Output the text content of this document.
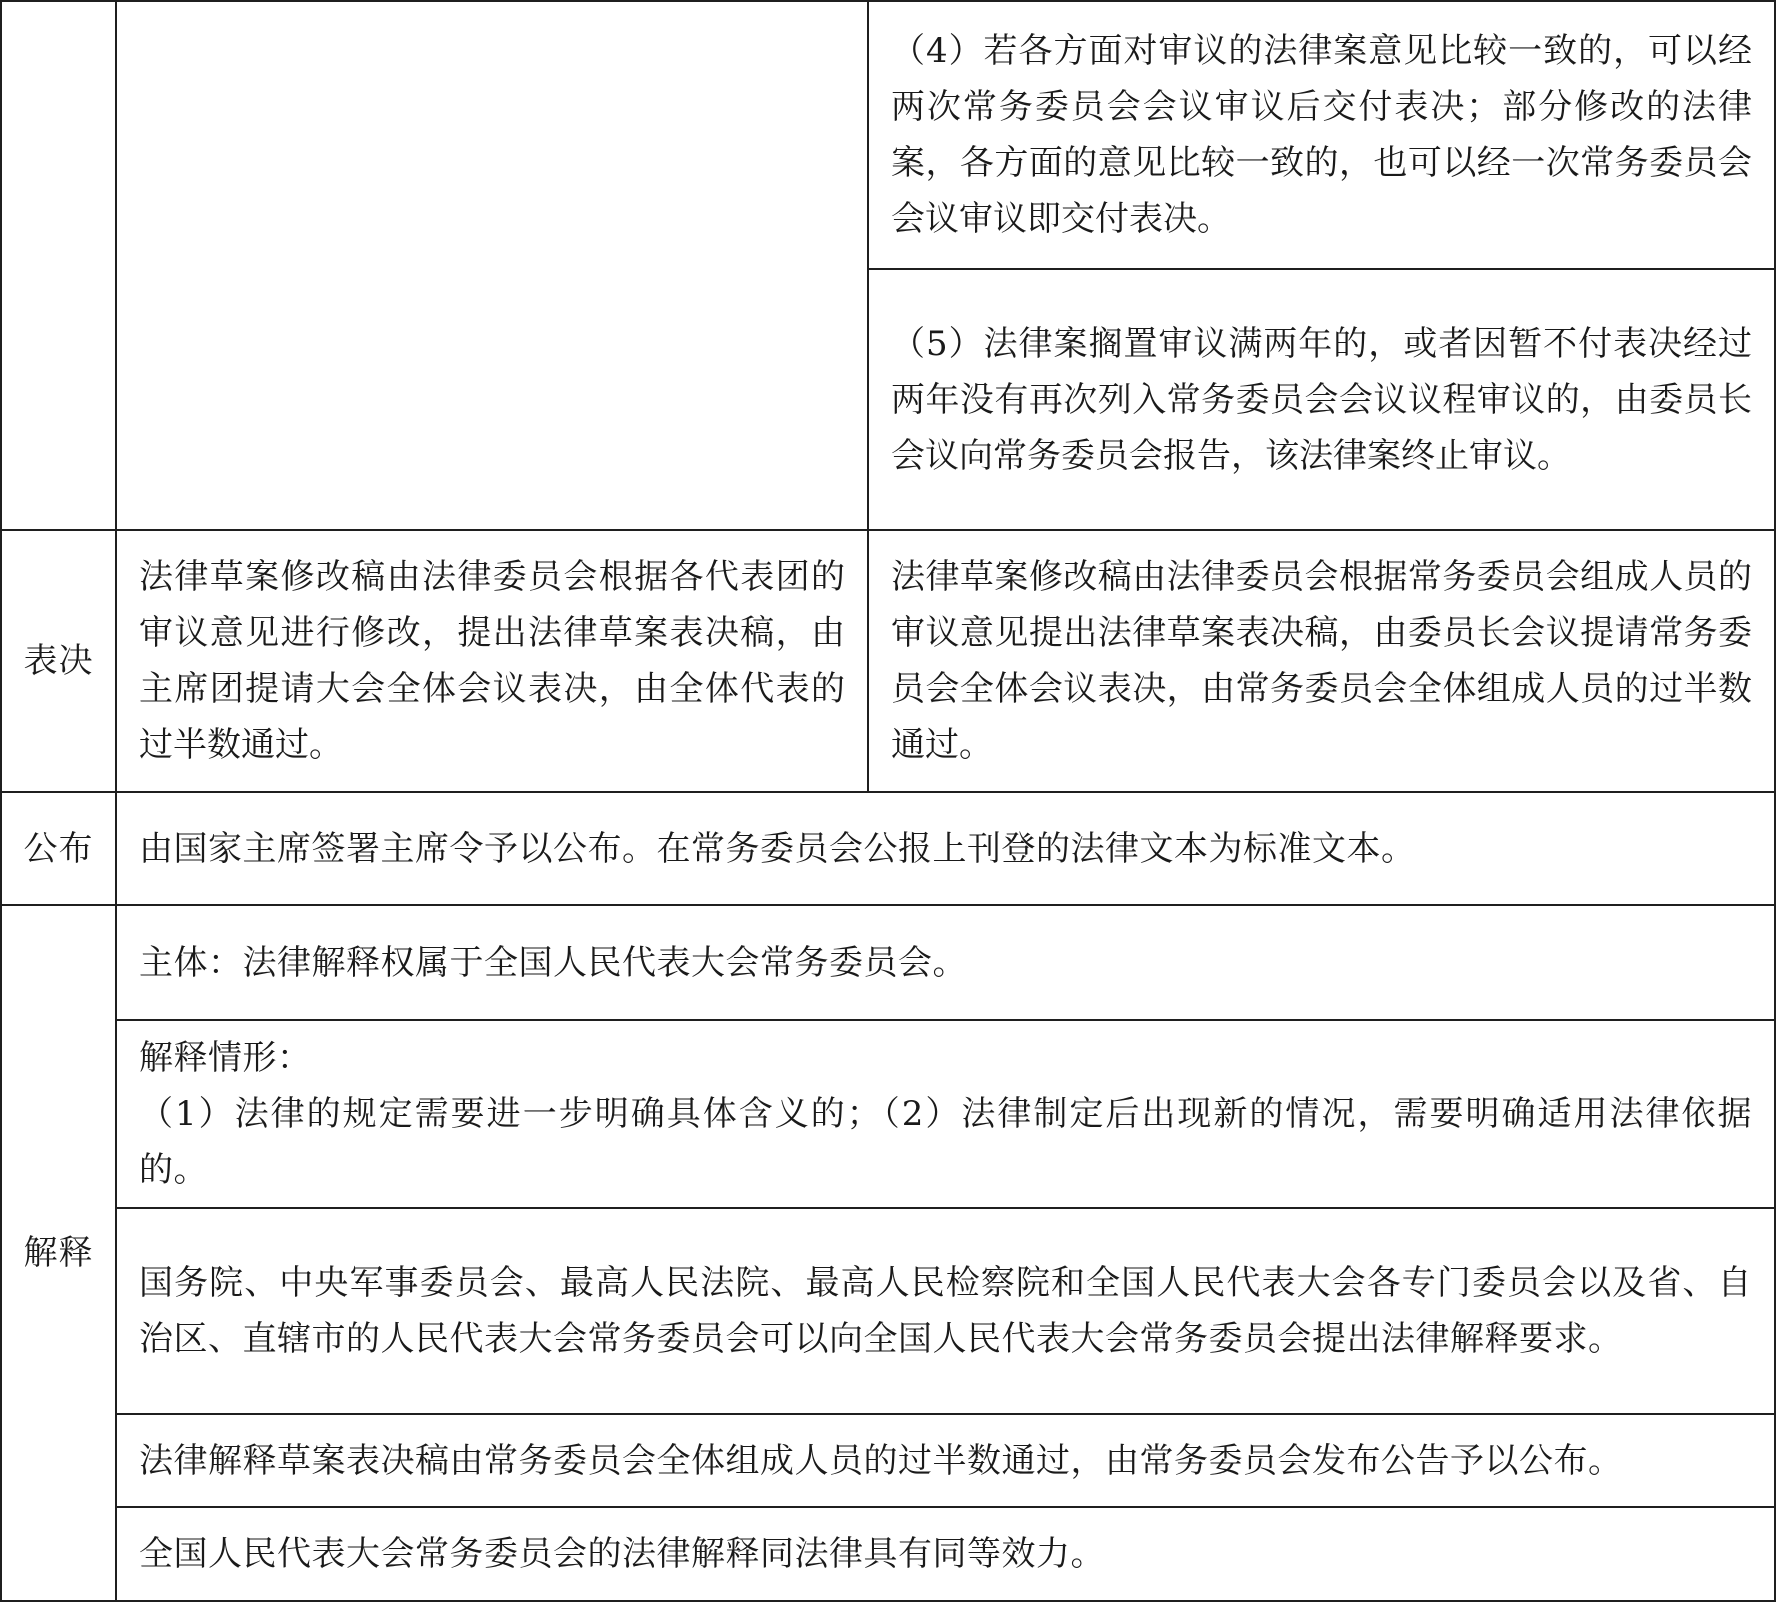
		（4）若各方面对审议的法律案意见比较一致的，可以经两次常务委员会会议审议后交付表决；部分修改的法律案，各方面的意见比较一致的，也可以经一次常务委员会会议审议即交付表决。
		（5）法律案搁置审议满两年的，或者因暂不付表决经过两年没有再次列入常务委员会会议议程审议的，由委员长会议向常务委员会报告，该法律案终止审议。
表决	法律草案修改稿由法律委员会根据各代表团的审议意见进行修改，提出法律草案表决稿，由主席团提请大会全体会议表决，由全体代表的过半数通过。	法律草案修改稿由法律委员会根据常务委员会组成人员的审议意见提出法律草案表决稿，由委员长会议提请常务委员会全体会议表决，由常务委员会全体组成人员的过半数通过。
公布	由国家主席签署主席令予以公布。在常务委员会公报上刊登的法律文本为标准文本。	
解释	主体：法律解释权属于全国人民代表大会常务委员会。	

	解释情形：
（1）法律的规定需要进一步明确具体含义的；（2）法律制定后出现新的情况，需要明确适用法律依据的。	

	国务院、中央军事委员会、最高人民法院、最高人民检察院和全国人民代表大会各专门委员会以及省、自治区、直辖市的人民代表大会常务委员会可以向全国人民代表大会常务委员会提出法律解释要求。	
	法律解释草案表决稿由常务委员会全体组成人员的过半数通过，由常务委员会发布公告予以公布。	
	全国人民代表大会常务委员会的法律解释同法律具有同等效力。	
